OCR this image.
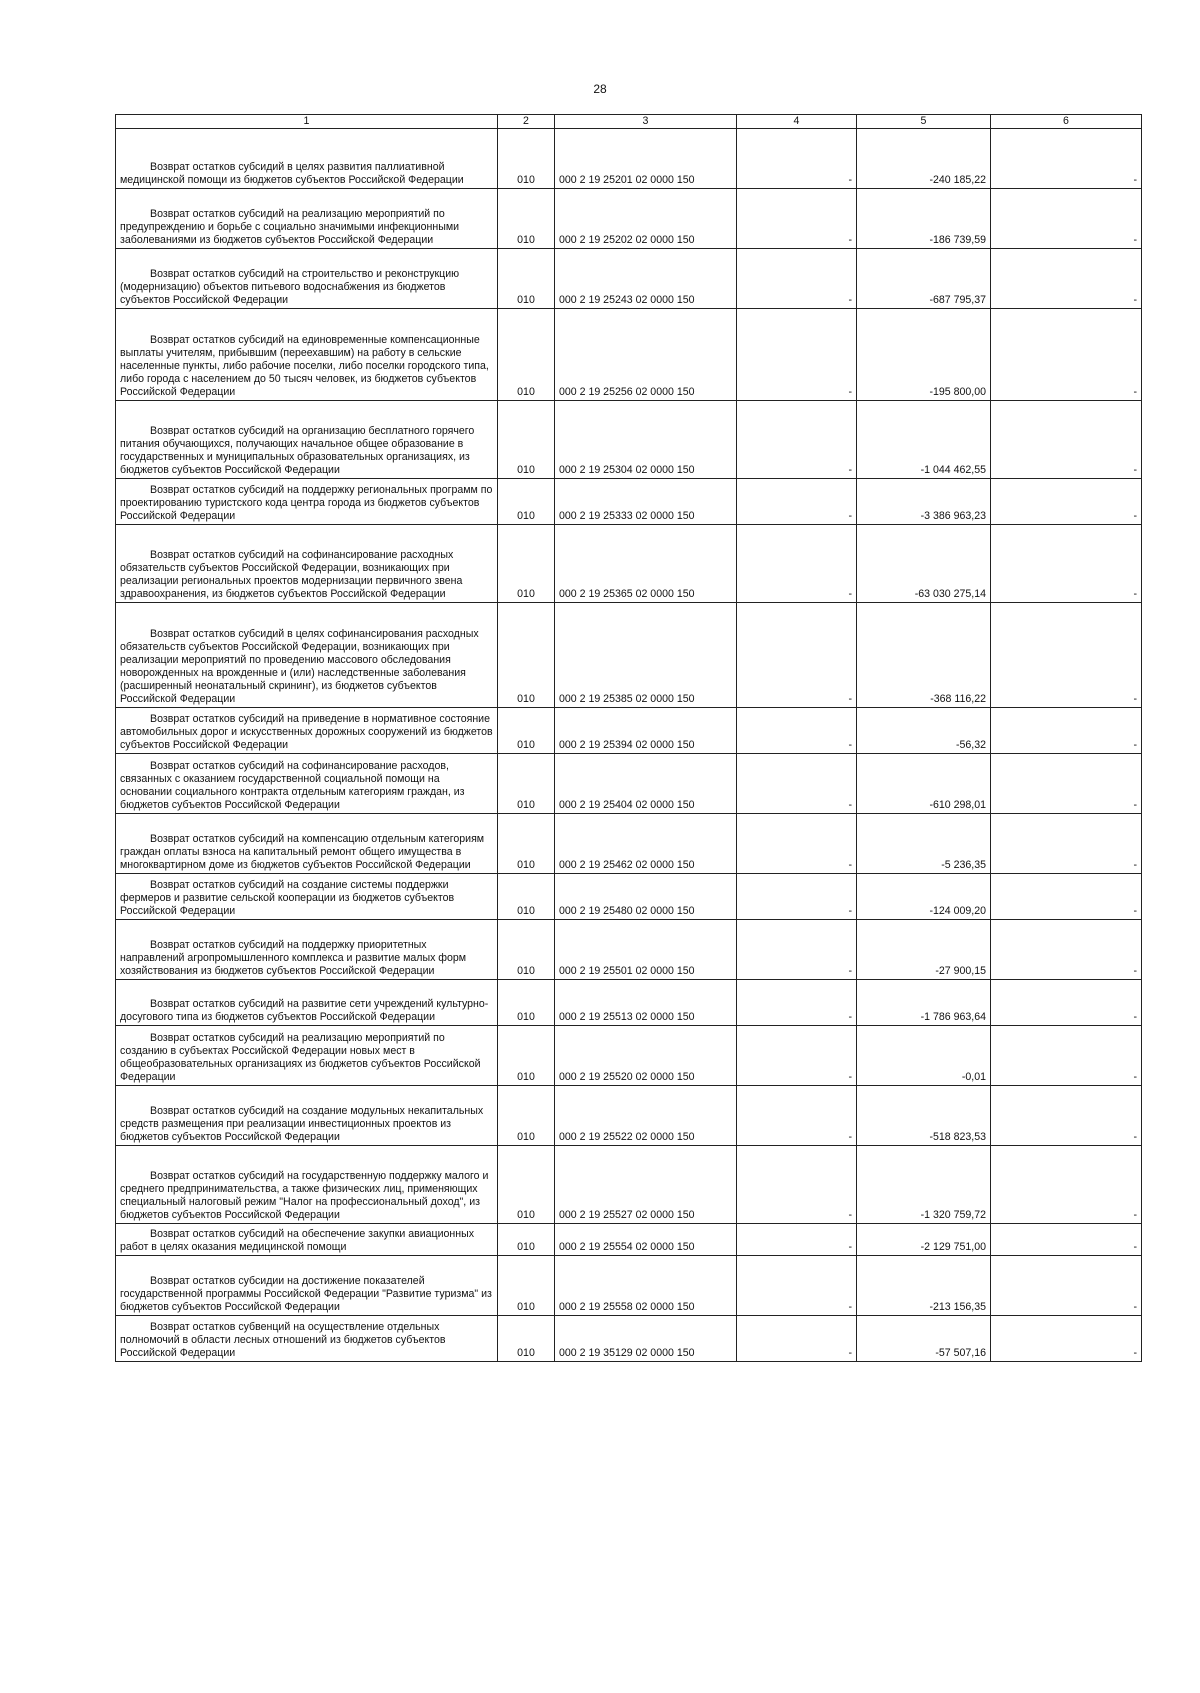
28
1	2	3	4	5	6
Возврат остатков субсидий в целях развития паллиативной медицинской помощи из бюджетов субъектов Российской Федерации	010	000 2 19 25201 02 0000 150	-	-240 185,22	-
Возврат остатков субсидий на реализацию мероприятий по предупреждению и борьбе с социально значимыми инфекционными заболеваниями из бюджетов субъектов Российской Федерации	010	000 2 19 25202 02 0000 150	-	-186 739,59	-
Возврат остатков субсидий на строительство и реконструкцию (модернизацию) объектов питьевого водоснабжения из бюджетов субъектов Российской Федерации	010	000 2 19 25243 02 0000 150	-	-687 795,37	-
Возврат остатков субсидий на единовременные компенсационные выплаты учителям, прибывшим (переехавшим) на работу в сельские населенные пункты, либо рабочие поселки, либо поселки городского типа, либо города с населением до 50 тысяч человек, из бюджетов субъектов Российской Федерации	010	000 2 19 25256 02 0000 150	-	-195 800,00	-
Возврат остатков субсидий на организацию бесплатного горячего питания обучающихся, получающих начальное общее образование в государственных и муниципальных образовательных организациях, из бюджетов субъектов Российской Федерации	010	000 2 19 25304 02 0000 150	-	-1 044 462,55	-
Возврат остатков субсидий на поддержку региональных программ по проектированию туристского кода центра города из бюджетов субъектов Российской Федерации	010	000 2 19 25333 02 0000 150	-	-3 386 963,23	-
Возврат остатков субсидий на софинансирование расходных обязательств субъектов Российской Федерации, возникающих при реализации региональных проектов модернизации первичного звена здравоохранения, из бюджетов субъектов Российской Федерации	010	000 2 19 25365 02 0000 150	-	-63 030 275,14	-
Возврат остатков субсидий в целях софинансирования расходных обязательств субъектов Российской Федерации, возникающих при реализации мероприятий по проведению массового обследования новорожденных на врожденные и (или) наследственные заболевания (расширенный неонатальный скрининг), из бюджетов субъектов Российской Федерации	010	000 2 19 25385 02 0000 150	-	-368 116,22	-
Возврат остатков субсидий на приведение в нормативное состояние автомобильных дорог и искусственных дорожных сооружений из бюджетов субъектов Российской Федерации	010	000 2 19 25394 02 0000 150	-	-56,32	-
Возврат остатков субсидий на софинансирование расходов, связанных с оказанием государственной социальной помощи на основании социального контракта отдельным категориям граждан, из бюджетов субъектов Российской Федерации	010	000 2 19 25404 02 0000 150	-	-610 298,01	-
Возврат остатков субсидий на компенсацию отдельным категориям граждан оплаты взноса на капитальный ремонт общего имущества в многоквартирном доме из бюджетов субъектов Российской Федерации	010	000 2 19 25462 02 0000 150	-	-5 236,35	-
Возврат остатков субсидий на создание системы поддержки фермеров и развитие сельской кооперации из бюджетов субъектов Российской Федерации	010	000 2 19 25480 02 0000 150	-	-124 009,20	-
Возврат остатков субсидий на поддержку приоритетных направлений агропромышленного комплекса и развитие малых форм хозяйствования из бюджетов субъектов Российской Федерации	010	000 2 19 25501 02 0000 150	-	-27 900,15	-
Возврат остатков субсидий на развитие сети учреждений культурно-досугового типа из бюджетов субъектов Российской Федерации	010	000 2 19 25513 02 0000 150	-	-1 786 963,64	-
Возврат остатков субсидий на реализацию мероприятий по созданию в субъектах Российской Федерации новых мест в общеобразовательных организациях из бюджетов субъектов Российской Федерации	010	000 2 19 25520 02 0000 150	-	-0,01	-
Возврат остатков субсидий на создание модульных некапитальных средств размещения при реализации инвестиционных проектов из бюджетов субъектов Российской Федерации	010	000 2 19 25522 02 0000 150	-	-518 823,53	-
Возврат остатков субсидий на государственную поддержку малого и среднего предпринимательства, а также физических лиц, применяющих специальный налоговый режим "Налог на профессиональный доход", из бюджетов субъектов Российской Федерации	010	000 2 19 25527 02 0000 150	-	-1 320 759,72	-
Возврат остатков субсидий на обеспечение закупки авиационных работ в целях оказания медицинской помощи	010	000 2 19 25554 02 0000 150	-	-2 129 751,00	-
Возврат остатков субсидии на достижение показателей государственной программы Российской Федерации "Развитие туризма" из бюджетов субъектов Российской Федерации	010	000 2 19 25558 02 0000 150	-	-213 156,35	-
Возврат остатков субвенций на осуществление отдельных полномочий в области лесных отношений из бюджетов субъектов Российской Федерации	010	000 2 19 35129 02 0000 150	-	-57 507,16	-
